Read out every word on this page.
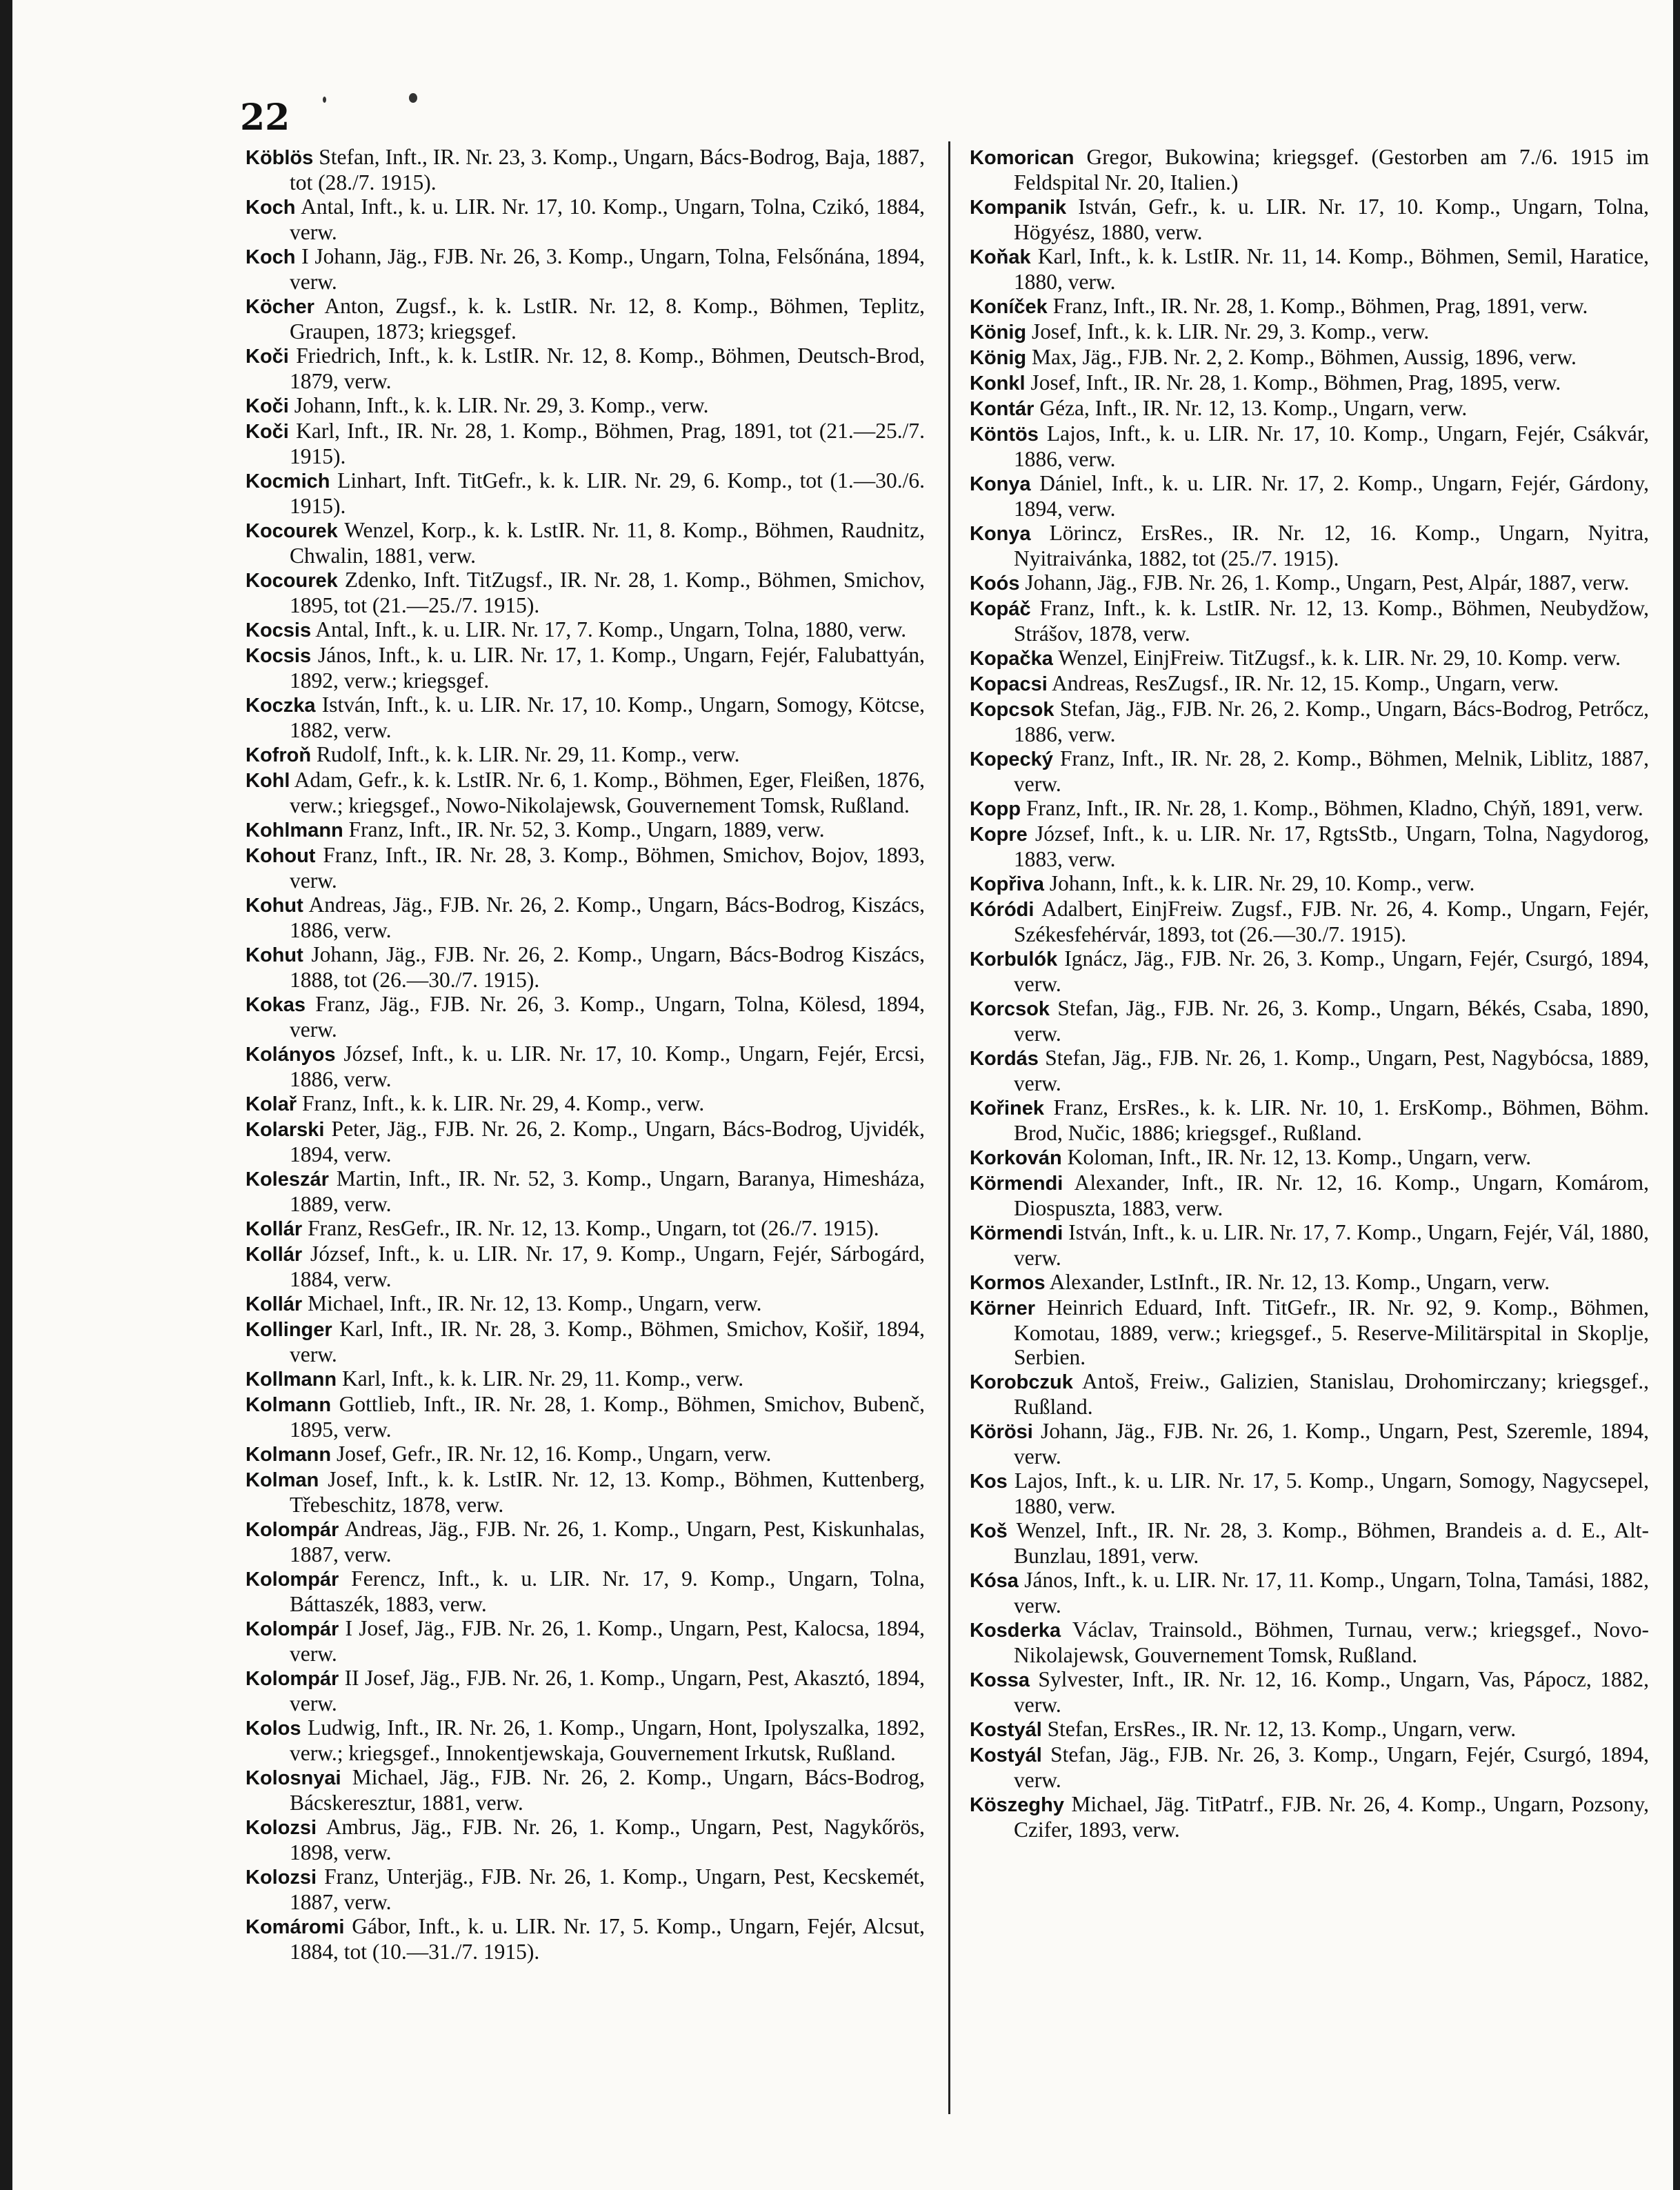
22

Köblös Stefan, Inft., IR. Nr. 23, 3. Komp., Ungarn, Bács-Bodrog, Baja, 1887, tot (28./7. 1915).

Koch Antal, Inft., k. u. LIR. Nr. 17, 10. Komp., Ungarn, Tolna, Czikó, 1884, verw.

Koch I Johann, Jäg., FJB. Nr. 26, 3. Komp., Ungarn, Tolna, Felsőnána, 1894, verw.

Köcher Anton, Zugsf., k. k. LstIR. Nr. 12, 8. Komp., Böhmen, Teplitz, Graupen, 1873; kriegsgef.

Koči Friedrich, Inft., k. k. LstIR. Nr. 12, 8. Komp., Böhmen, Deutsch-Brod, 1879, verw.

Koči Johann, Inft., k. k. LIR. Nr. 29, 3. Komp., verw.

Koči Karl, Inft., IR. Nr. 28, 1. Komp., Böhmen, Prag, 1891, tot (21.—25./7. 1915).

Kocmich Linhart, Inft. TitGefr., k. k. LIR. Nr. 29, 6. Komp., tot (1.—30./6. 1915).

Kocourek Wenzel, Korp., k. k. LstIR. Nr. 11, 8. Komp., Böhmen, Raudnitz, Chwalin, 1881, verw.

Kocourek Zdenko, Inft. TitZugsf., IR. Nr. 28, 1. Komp., Böhmen, Smichov, 1895, tot (21.—25./7. 1915).

Kocsis Antal, Inft., k. u. LIR. Nr. 17, 7. Komp., Ungarn, Tolna, 1880, verw.

Kocsis János, Inft., k. u. LIR. Nr. 17, 1. Komp., Ungarn, Fejér, Falubattyán, 1892, verw.; kriegsgef.

Koczka István, Inft., k. u. LIR. Nr. 17, 10. Komp., Ungarn, Somogy, Kötcse, 1882, verw.

Kofroň Rudolf, Inft., k. k. LIR. Nr. 29, 11. Komp., verw.

Kohl Adam, Gefr., k. k. LstIR. Nr. 6, 1. Komp., Böhmen, Eger, Fleißen, 1876, verw.; kriegsgef., Nowo-Nikolajewsk, Gouvernement Tomsk, Rußland.

Kohlmann Franz, Inft., IR. Nr. 52, 3. Komp., Ungarn, 1889, verw.

Kohout Franz, Inft., IR. Nr. 28, 3. Komp., Böhmen, Smichov, Bojov, 1893, verw.

Kohut Andreas, Jäg., FJB. Nr. 26, 2. Komp., Ungarn, Bács-Bodrog, Kiszács, 1886, verw.

Kohut Johann, Jäg., FJB. Nr. 26, 2. Komp., Ungarn, Bács-Bodrog Kiszács, 1888, tot (26.—30./7. 1915).

Kokas Franz, Jäg., FJB. Nr. 26, 3. Komp., Ungarn, Tolna, Kölesd, 1894, verw.

Kolányos József, Inft., k. u. LIR. Nr. 17, 10. Komp., Ungarn, Fejér, Ercsi, 1886, verw.

Kolař Franz, Inft., k. k. LIR. Nr. 29, 4. Komp., verw.

Kolarski Peter, Jäg., FJB. Nr. 26, 2. Komp., Ungarn, Bács-Bodrog, Ujvidék, 1894, verw.

Koleszár Martin, Inft., IR. Nr. 52, 3. Komp., Ungarn, Baranya, Himesháza, 1889, verw.

Kollár Franz, ResGefr., IR. Nr. 12, 13. Komp., Ungarn, tot (26./7. 1915).

Kollár József, Inft., k. u. LIR. Nr. 17, 9. Komp., Ungarn, Fejér, Sárbogárd, 1884, verw.

Kollár Michael, Inft., IR. Nr. 12, 13. Komp., Ungarn, verw.

Kollinger Karl, Inft., IR. Nr. 28, 3. Komp., Böhmen, Smichov, Košiř, 1894, verw.

Kollmann Karl, Inft., k. k. LIR. Nr. 29, 11. Komp., verw.

Kolmann Gottlieb, Inft., IR. Nr. 28, 1. Komp., Böhmen, Smichov, Bubenč, 1895, verw.

Kolmann Josef, Gefr., IR. Nr. 12, 16. Komp., Ungarn, verw.

Kolman Josef, Inft., k. k. LstIR. Nr. 12, 13. Komp., Böhmen, Kuttenberg, Třebeschitz, 1878, verw.

Kolompár Andreas, Jäg., FJB. Nr. 26, 1. Komp., Ungarn, Pest, Kiskunhalas, 1887, verw.

Kolompár Ferencz, Inft., k. u. LIR. Nr. 17, 9. Komp., Ungarn, Tolna, Báttaszék, 1883, verw.

Kolompár I Josef, Jäg., FJB. Nr. 26, 1. Komp., Ungarn, Pest, Kalocsa, 1894, verw.

Kolompár II Josef, Jäg., FJB. Nr. 26, 1. Komp., Ungarn, Pest, Akasztó, 1894, verw.

Kolos Ludwig, Inft., IR. Nr. 26, 1. Komp., Ungarn, Hont, Ipolyszalka, 1892, verw.; kriegsgef., Innokentjewskaja, Gouvernement Irkutsk, Rußland.

Kolosnyai Michael, Jäg., FJB. Nr. 26, 2. Komp., Ungarn, Bács-Bodrog, Bácskeresztur, 1881, verw.

Kolozsi Ambrus, Jäg., FJB. Nr. 26, 1. Komp., Ungarn, Pest, Nagykőrös, 1898, verw.

Kolozsi Franz, Unterjäg., FJB. Nr. 26, 1. Komp., Ungarn, Pest, Kecskemét, 1887, verw.

Komáromi Gábor, Inft., k. u. LIR. Nr. 17, 5. Komp., Ungarn, Fejér, Alcsut, 1884, tot (10.—31./7. 1915).

Komorican Gregor, Bukowina; kriegsgef. (Gestorben am 7./6. 1915 im Feldspital Nr. 20, Italien.)

Kompanik István, Gefr., k. u. LIR. Nr. 17, 10. Komp., Ungarn, Tolna, Högyész, 1880, verw.

Koňak Karl, Inft., k. k. LstIR. Nr. 11, 14. Komp., Böhmen, Semil, Haratice, 1880, verw.

Koníček Franz, Inft., IR. Nr. 28, 1. Komp., Böhmen, Prag, 1891, verw.

König Josef, Inft., k. k. LIR. Nr. 29, 3. Komp., verw.

König Max, Jäg., FJB. Nr. 2, 2. Komp., Böhmen, Aussig, 1896, verw.

Konkl Josef, Inft., IR. Nr. 28, 1. Komp., Böhmen, Prag, 1895, verw.

Kontár Géza, Inft., IR. Nr. 12, 13. Komp., Ungarn, verw.

Köntös Lajos, Inft., k. u. LIR. Nr. 17, 10. Komp., Ungarn, Fejér, Csákvár, 1886, verw.

Konya Dániel, Inft., k. u. LIR. Nr. 17, 2. Komp., Ungarn, Fejér, Gárdony, 1894, verw.

Konya Lörincz, ErsRes., IR. Nr. 12, 16. Komp., Ungarn, Nyitra, Nyitraivánka, 1882, tot (25./7. 1915).

Koós Johann, Jäg., FJB. Nr. 26, 1. Komp., Ungarn, Pest, Alpár, 1887, verw.

Kopáč Franz, Inft., k. k. LstIR. Nr. 12, 13. Komp., Böhmen, Neubydžow, Strášov, 1878, verw.

Kopačka Wenzel, EinjFreiw. TitZugsf., k. k. LIR. Nr. 29, 10. Komp. verw.

Kopacsi Andreas, ResZugsf., IR. Nr. 12, 15. Komp., Ungarn, verw.

Kopcsok Stefan, Jäg., FJB. Nr. 26, 2. Komp., Ungarn, Bács-Bodrog, Petrőcz, 1886, verw.

Kopecký Franz, Inft., IR. Nr. 28, 2. Komp., Böhmen, Melnik, Liblitz, 1887, verw.

Kopp Franz, Inft., IR. Nr. 28, 1. Komp., Böhmen, Kladno, Chýň, 1891, verw.

Kopre József, Inft., k. u. LIR. Nr. 17, RgtsStb., Ungarn, Tolna, Nagydorog, 1883, verw.

Kopřiva Johann, Inft., k. k. LIR. Nr. 29, 10. Komp., verw.

Kóródi Adalbert, EinjFreiw. Zugsf., FJB. Nr. 26, 4. Komp., Ungarn, Fejér, Székesfehérvár, 1893, tot (26.—30./7. 1915).

Korbulók Ignácz, Jäg., FJB. Nr. 26, 3. Komp., Ungarn, Fejér, Csurgó, 1894, verw.

Korcsok Stefan, Jäg., FJB. Nr. 26, 3. Komp., Ungarn, Békés, Csaba, 1890, verw.

Kordás Stefan, Jäg., FJB. Nr. 26, 1. Komp., Ungarn, Pest, Nagybócsa, 1889, verw.

Kořinek Franz, ErsRes., k. k. LIR. Nr. 10, 1. ErsKomp., Böhmen, Böhm. Brod, Nučic, 1886; kriegsgef., Rußland.

Korkován Koloman, Inft., IR. Nr. 12, 13. Komp., Ungarn, verw.

Körmendi Alexander, Inft., IR. Nr. 12, 16. Komp., Ungarn, Komárom, Diospuszta, 1883, verw.

Körmendi István, Inft., k. u. LIR. Nr. 17, 7. Komp., Ungarn, Fejér, Vál, 1880, verw.

Kormos Alexander, LstInft., IR. Nr. 12, 13. Komp., Ungarn, verw.

Körner Heinrich Eduard, Inft. TitGefr., IR. Nr. 92, 9. Komp., Böhmen, Komotau, 1889, verw.; kriegsgef., 5. Reserve-Militärspital in Skoplje, Serbien.

Korobczuk Antoš, Freiw., Galizien, Stanislau, Drohomirczany; kriegsgef., Rußland.

Körösi Johann, Jäg., FJB. Nr. 26, 1. Komp., Ungarn, Pest, Szeremle, 1894, verw.

Kos Lajos, Inft., k. u. LIR. Nr. 17, 5. Komp., Ungarn, Somogy, Nagycsepel, 1880, verw.

Koš Wenzel, Inft., IR. Nr. 28, 3. Komp., Böhmen, Brandeis a. d. E., Alt-Bunzlau, 1891, verw.

Kósa János, Inft., k. u. LIR. Nr. 17, 11. Komp., Ungarn, Tolna, Tamási, 1882, verw.

Kosderka Václav, Trainsold., Böhmen, Turnau, verw.; kriegsgef., Novo-Nikolajewsk, Gouvernement Tomsk, Rußland.

Kossa Sylvester, Inft., IR. Nr. 12, 16. Komp., Ungarn, Vas, Pápocz, 1882, verw.

Kostyál Stefan, ErsRes., IR. Nr. 12, 13. Komp., Ungarn, verw.

Kostyál Stefan, Jäg., FJB. Nr. 26, 3. Komp., Ungarn, Fejér, Csurgó, 1894, verw.

Köszeghy Michael, Jäg. TitPatrf., FJB. Nr. 26, 4. Komp., Ungarn, Pozsony, Czifer, 1893, verw.
